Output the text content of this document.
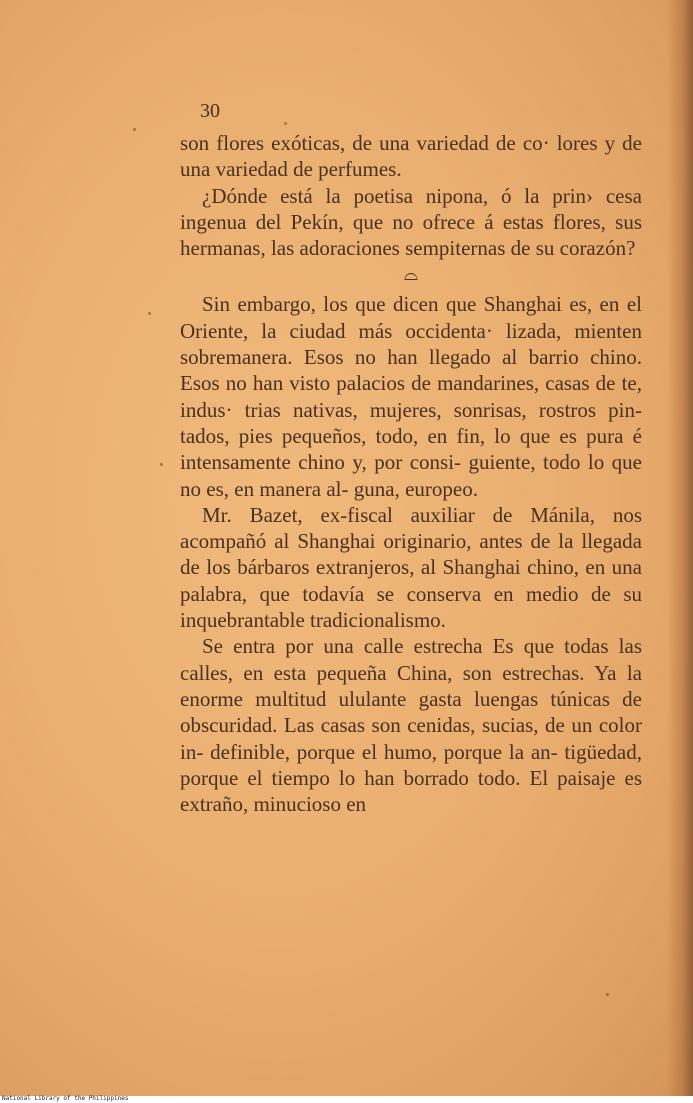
30

son flores exóticas, de una variedad de co· lores y de una variedad de perfumes.

¿Dónde está la poetisa nipona, ó la prin› cesa ingenua del Pekín, que no ofrece á estas flores, sus hermanas, las adoraciones sempiternas de su corazón?

⌓

Sin embargo, los que dicen que Shanghai es, en el Oriente, la ciudad más occidenta· lizada, mienten sobremanera. Esos no han llegado al barrio chino. Esos no han visto palacios de mandarines, casas de te, indus· trias nativas, mujeres, sonrisas, rostros pin- tados, pies pequeños, todo, en fin, lo que es pura é intensamente chino y, por consi- guiente, todo lo que no es, en manera al- guna, europeo.

Mr. Bazet, ex-fiscal auxiliar de Mánila, nos acompañó al Shanghai originario, antes de la llegada de los bárbaros extranjeros, al Shanghai chino, en una palabra, que todavía se conserva en medio de su inquebrantable tradicionalismo.

Se entra por una calle estrecha Es que todas las calles, en esta pequeña China, son estrechas. Ya la enorme multitud ululante gasta luengas túnicas de obscuridad. Las casas son cenidas, sucias, de un color in- definible, porque el humo, porque la an- tigüedad, porque el tiempo lo han borrado todo. El paisaje es extraño, minucioso en

National Library of the Philippines
